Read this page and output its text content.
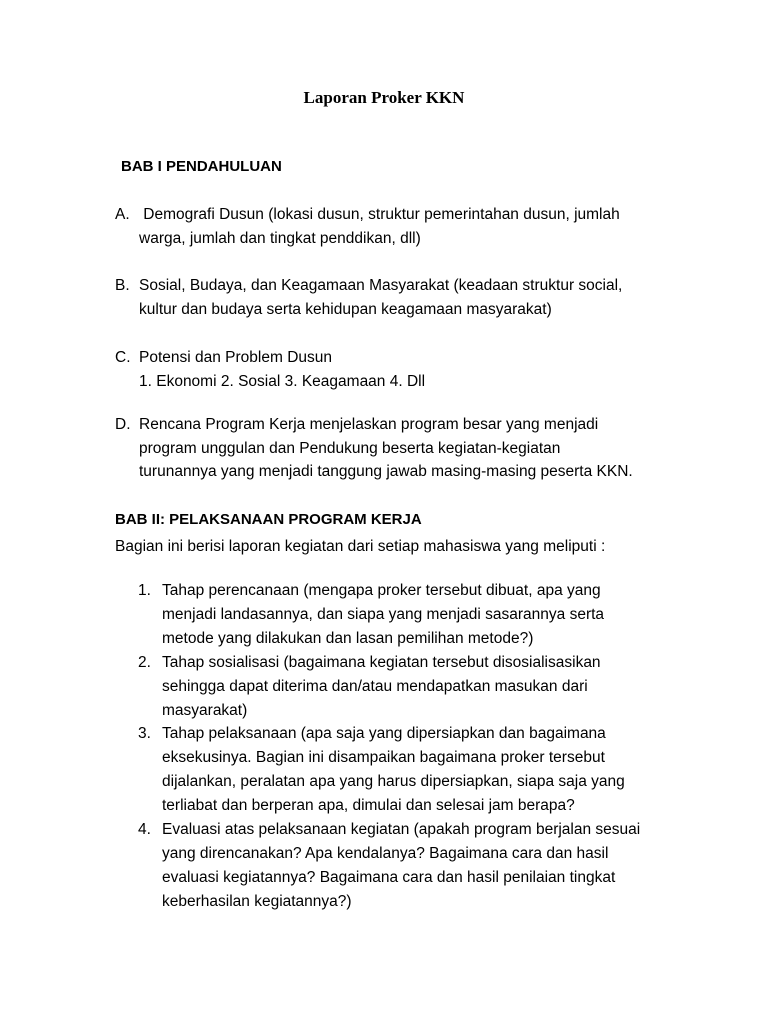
Laporan Proker KKN
BAB I PENDAHULUAN
A. Demografi Dusun (lokasi dusun, struktur pemerintahan dusun, jumlah
warga, jumlah dan tingkat penddikan, dll)
B. Sosial, Budaya, dan Keagamaan Masyarakat (keadaan struktur social,
kultur dan budaya serta kehidupan keagamaan masyarakat)
C. Potensi dan Problem Dusun
1. Ekonomi 2. Sosial 3. Keagamaan 4. Dll
D. Rencana Program Kerja menjelaskan program besar yang menjadi
program unggulan dan Pendukung beserta kegiatan-kegiatan
turunannya yang menjadi tanggung jawab masing-masing peserta KKN.
BAB II: PELAKSANAAN PROGRAM KERJA
Bagian ini berisi laporan kegiatan dari setiap mahasiswa yang meliputi :
1. Tahap perencanaan (mengapa proker tersebut dibuat, apa yang
menjadi landasannya, dan siapa yang menjadi sasarannya serta
metode yang dilakukan dan lasan pemilihan metode?)
2. Tahap sosialisasi (bagaimana kegiatan tersebut disosialisasikan
sehingga dapat diterima dan/atau mendapatkan masukan dari
masyarakat)
3. Tahap pelaksanaan (apa saja yang dipersiapkan dan bagaimana
eksekusinya. Bagian ini disampaikan bagaimana proker tersebut
dijalankan, peralatan apa yang harus dipersiapkan, siapa saja yang
terliabat dan berperan apa, dimulai dan selesai jam berapa?
4. Evaluasi atas pelaksanaan kegiatan (apakah program berjalan sesuai
yang direncanakan? Apa kendalanya? Bagaimana cara dan hasil
evaluasi kegiatannya? Bagaimana cara dan hasil penilaian tingkat
keberhasilan kegiatannya?)
